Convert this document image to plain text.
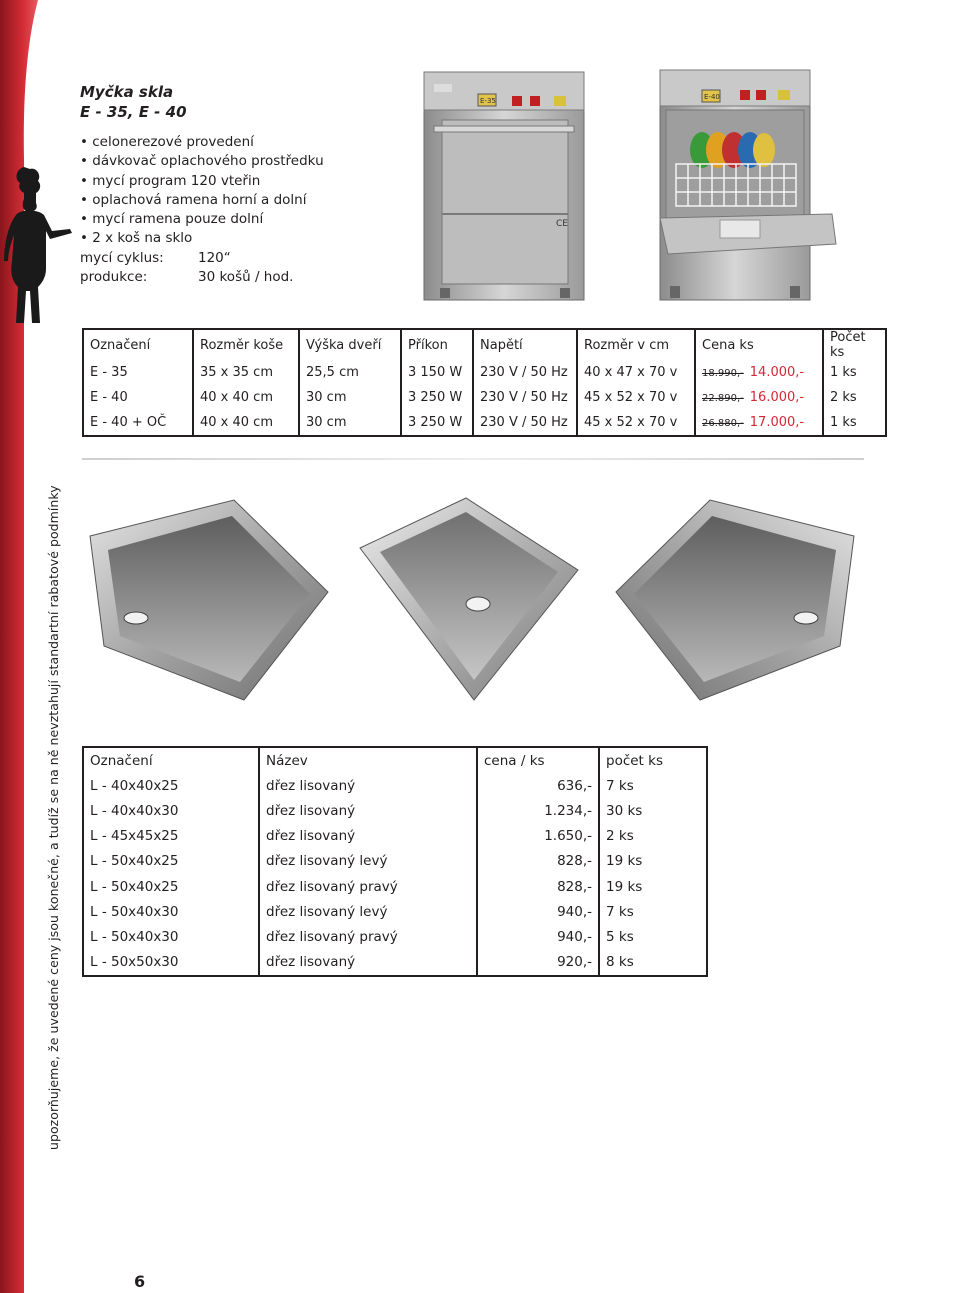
Myčka skla
E - 35, E - 40
• celonerezové provedení
• dávkovač oplachového prostředku
• mycí program 120 vteřin
• oplachová ramena horní a dolní
• mycí ramena pouze dolní
• 2 x koš na sklo
mycí cyklus:	120“
produkce:	30 košů / hod.
E-35
CE
E-40
Označení	Rozměr koše	Výška dveří	Příkon	Napětí	Rozměr v cm	Cena ks	Počet ks
E - 35	35 x 35 cm	25,5 cm	3 150 W	230 V / 50 Hz	40 x 47 x 70 v	18.990,- 14.000,-	1 ks
E - 40	40 x 40 cm	30 cm	3 250 W	230 V / 50 Hz	45 x 52 x 70 v	22.890,- 16.000,-	2 ks
E - 40 + OČ	40 x 40 cm	30 cm	3 250 W	230 V / 50 Hz	45 x 52 x 70 v	26.880,- 17.000,-	1 ks
Označení	Název	cena / ks	počet ks
L - 40x40x25	dřez lisovaný	636,-	7 ks
L - 40x40x30	dřez lisovaný	1.234,-	30 ks
L - 45x45x25	dřez lisovaný	1.650,-	2 ks
L - 50x40x25	dřez lisovaný levý	828,-	19 ks
L - 50x40x25	dřez lisovaný pravý	828,-	19 ks
L - 50x40x30	dřez lisovaný levý	940,-	7 ks
L - 50x40x30	dřez lisovaný pravý	940,-	5 ks
L - 50x50x30	dřez lisovaný	920,-	8 ks
upozorňujeme, že uvedené ceny jsou konečné, a tudíž se na ně nevztahují standartní rabatové podmínky
6
